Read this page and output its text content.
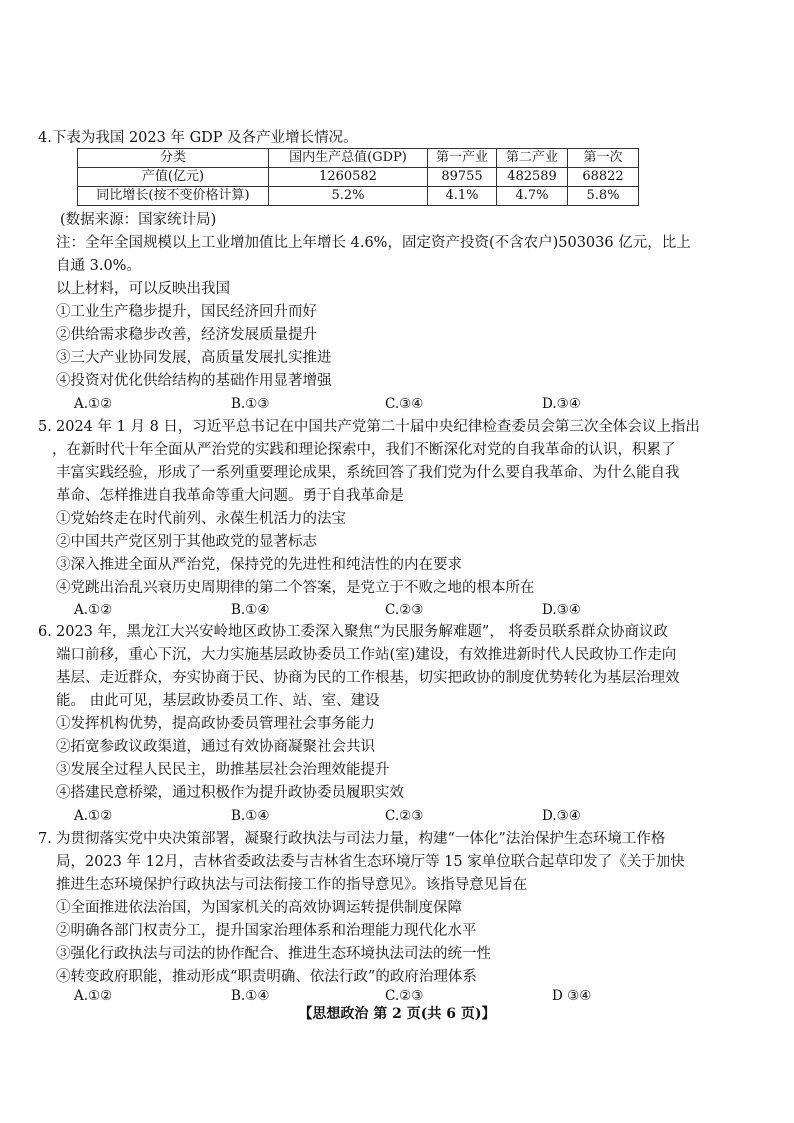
4.下表为我国 2023 年 GDP 及各产业增长情况。
分类	国内生产总值(GDP)	第一产业	第二产业	第一次
产值(亿元)	1260582	89755	482589	68822
同比增长(按不变价格计算)	5.2%	4.1%	4.7%	5.8%
(数据来源：国家统计局)
注：全年全国规模以上工业增加值比上年增长 4.6%，固定资产投资(不含农户)503036 亿元，比上
自通 3.0%。
以上材料，可以反映出我国
①工业生产稳步提升，国民经济回升而好
②供给需求稳步改善，经济发展质量提升
③三大产业协同发展，高质量发展扎实推进
④投资对优化供给结构的基础作用显著增强
A.①②	B.①③	C.③④	D.③④
5. 2024 年 1 月 8 日，习近平总书记在中国共产党第二十届中央纪律检查委员会第三次全体会议上指出
，在新时代十年全面从严治党的实践和理论探索中，我们不断深化对党的自我革命的认识，积累了
丰富实践经验，形成了一系列重要理论成果，系统回答了我们党为什么要自我革命、为什么能自我
革命、怎样推进自我革命等重大问题。勇于自我革命是
①党始终走在时代前列、永葆生机活力的法宝
②中国共产党区别于其他政党的显著标志
③深入推进全面从严治党，保持党的先进性和纯洁性的内在要求
④党跳出治乱兴衰历史周期律的第二个答案，是党立于不败之地的根本所在
A.①②	B.①④	C.②③	D.③④
6. 2023 年，黑龙江大兴安岭地区政协工委深入聚焦“为民服务解难题”， 将委员联系群众协商议政
端口前移，重心下沉，大力实施基层政协委员工作站(室)建设，有效推进新时代人民政协工作走向
基层、走近群众，夯实协商于民、协商为民的工作根基，切实把政协的制度优势转化为基层治理效
能。 由此可见，基层政协委员工作、站、室、建设
①发挥机构优势，提高政协委员管理社会事务能力
②拓宽参政议政渠道，通过有效协商凝聚社会共识
③发展全过程人民民主，助推基层社会治理效能提升
④搭建民意桥梁，通过积极作为提升政协委员履职实效
A.①②	B.①④	C.②③	D.③④
7. 为贯彻落实党中央决策部署，凝聚行政执法与司法力量，构建“一体化”法治保护生态环境工作格
局，2023 年 12月，吉林省委政法委与吉林省生态环境厅等 15 家单位联合起草印发了《关于加快
推进生态环境保护行政执法与司法衔接工作的指导意见》。该指导意见旨在
①全面推进依法治国，为国家机关的高效协调运转提供制度保障
②明确各部门权责分工，提升国家治理体系和治理能力现代化水平
③强化行政执法与司法的协作配合、推进生态环境执法司法的统一性
④转变政府职能，推动形成“职责明确、依法行政”的政府治理体系
A.①②	B.①④	C.②③	D ③④
【思想政治 第 2 页(共 6 页)】
